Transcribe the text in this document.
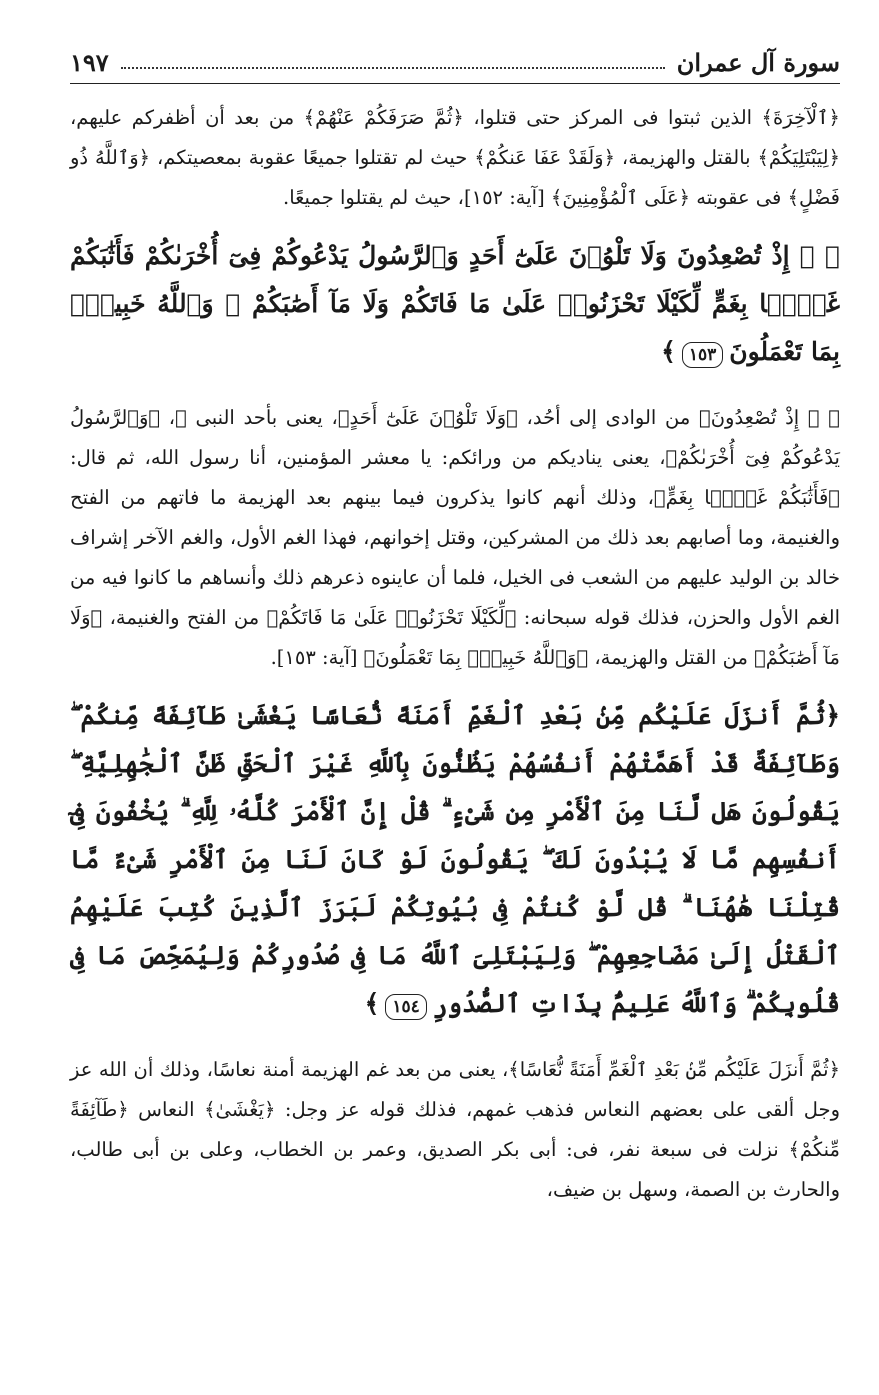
سورة آل عمران
١٩٧

﴿ٱلْآخِرَةَ﴾ الذين ثبتوا فى المركز حتى قتلوا، ﴿ثُمَّ صَرَفَكُمْ عَنْهُمْ﴾ من بعد أن أظفركم عليهم، ﴿لِيَبْتَلِيَكُمْ﴾ بالقتل والهزيمة، ﴿وَلَقَدْ عَفَا عَنكُمْ﴾ حيث لم تقتلوا جميعًا عقوبة بمعصيتكم، ﴿وَٱللَّهُ ذُو فَضْلٍ﴾ فى عقوبته ﴿عَلَى ٱلْمُؤْمِنِينَ﴾ [آية: ١٥٢]، حيث لم يقتلوا جميعًا.

﴿ ۞ إِذْ تُصْعِدُونَ وَلَا تَلْوُۥنَ عَلَىٰٓ أَحَدٍ وَٱلرَّسُولُ يَدْعُوكُمْ فِىٓ أُخْرَىٰكُمْ فَأَثَٰبَكُمْ غَمًّۢا بِغَمٍّ لِّكَيْلَا تَحْزَنُوا۟ عَلَىٰ مَا فَاتَكُمْ وَلَا مَآ أَصَٰبَكُمْ ۗ وَٱللَّهُ خَبِيرٌۢ بِمَا تَعْمَلُونَ١٥٣﴾

﴿ ۞ إِذْ تُصْعِدُونَ﴾ من الوادى إلى أحُد، ﴿وَلَا تَلْوُۥنَ عَلَىٰٓ أَحَدٍ﴾، يعنى بأحد النبى ﷺ، ﴿وَٱلرَّسُولُ يَدْعُوكُمْ فِىٓ أُخْرَىٰكُمْ﴾، يعنى يناديكم من ورائكم: يا معشر المؤمنين، أنا رسول الله، ثم قال: ﴿فَأَثَٰبَكُمْ غَمًّۢا بِغَمٍّ﴾، وذلك أنهم كانوا يذكرون فيما بينهم بعد الهزيمة ما فاتهم من الفتح والغنيمة، وما أصابهم بعد ذلك من المشركين، وقتل إخوانهم، فهذا الغم الأول، والغم الآخر إشراف خالد بن الوليد عليهم من الشعب فى الخيل، فلما أن عاينوه ذعرهم ذلك وأنساهم ما كانوا فيه من الغم الأول والحزن، فذلك قوله سبحانه: ﴿لِّكَيْلَا تَحْزَنُوا۟ عَلَىٰ مَا فَاتَكُمْ﴾ من الفتح والغنيمة، ﴿وَلَا مَآ أَصَٰبَكُمْ﴾ من القتل والهزيمة، ﴿وَٱللَّهُ خَبِيرٌۢ بِمَا تَعْمَلُونَ﴾ [آية: ١٥٣].

﴿ثُمَّ أَنزَلَ عَلَيْكُم مِّنۢ بَعْدِ ٱلْغَمِّ أَمَنَةً نُّعَاسًا يَغْشَىٰ طَآئِفَةً مِّنكُمْ ۖ وَطَآئِفَةٌ قَدْ أَهَمَّتْهُمْ أَنفُسُهُمْ يَظُنُّونَ بِٱللَّهِ غَيْرَ ٱلْحَقِّ ظَنَّ ٱلْجَٰهِلِيَّةِ ۖ يَقُولُونَ هَل لَّنَا مِنَ ٱلْأَمْرِ مِن شَىْءٍ ۗ قُلْ إِنَّ ٱلْأَمْرَ كُلَّهُۥ لِلَّهِ ۗ يُخْفُونَ فِىٓ أَنفُسِهِم مَّا لَا يُبْدُونَ لَكَ ۖ يَقُولُونَ لَوْ كَانَ لَنَا مِنَ ٱلْأَمْرِ شَىْءٌ مَّا قُتِلْنَا هَٰهُنَا ۗ قُل لَّوْ كُنتُمْ فِى بُيُوتِكُمْ لَبَرَزَ ٱلَّذِينَ كُتِبَ عَلَيْهِمُ ٱلْقَتْلُ إِلَىٰ مَضَاجِعِهِمْ ۖ وَلِيَبْتَلِىَ ٱللَّهُ مَا فِى صُدُورِكُمْ وَلِيُمَحِّصَ مَا فِى قُلُوبِكُمْ ۗ وَٱللَّهُ عَلِيمٌۢ بِذَاتِ ٱلصُّدُورِ١٥٤﴾

﴿ثُمَّ أَنزَلَ عَلَيْكُم مِّنۢ بَعْدِ ٱلْغَمِّ أَمَنَةً نُّعَاسًا﴾، يعنى من بعد غم الهزيمة أمنة نعاسًا، وذلك أن الله عز وجل ألقى على بعضهم النعاس فذهب غمهم، فذلك قوله عز وجل: ﴿يَغْشَىٰ﴾ النعاس ﴿طَآئِفَةً مِّنكُمْ﴾ نزلت فى سبعة نفر، فى: أبى بكر الصديق، وعمر بن الخطاب، وعلى بن أبى طالب، والحارث بن الصمة، وسهل بن ضيف،
